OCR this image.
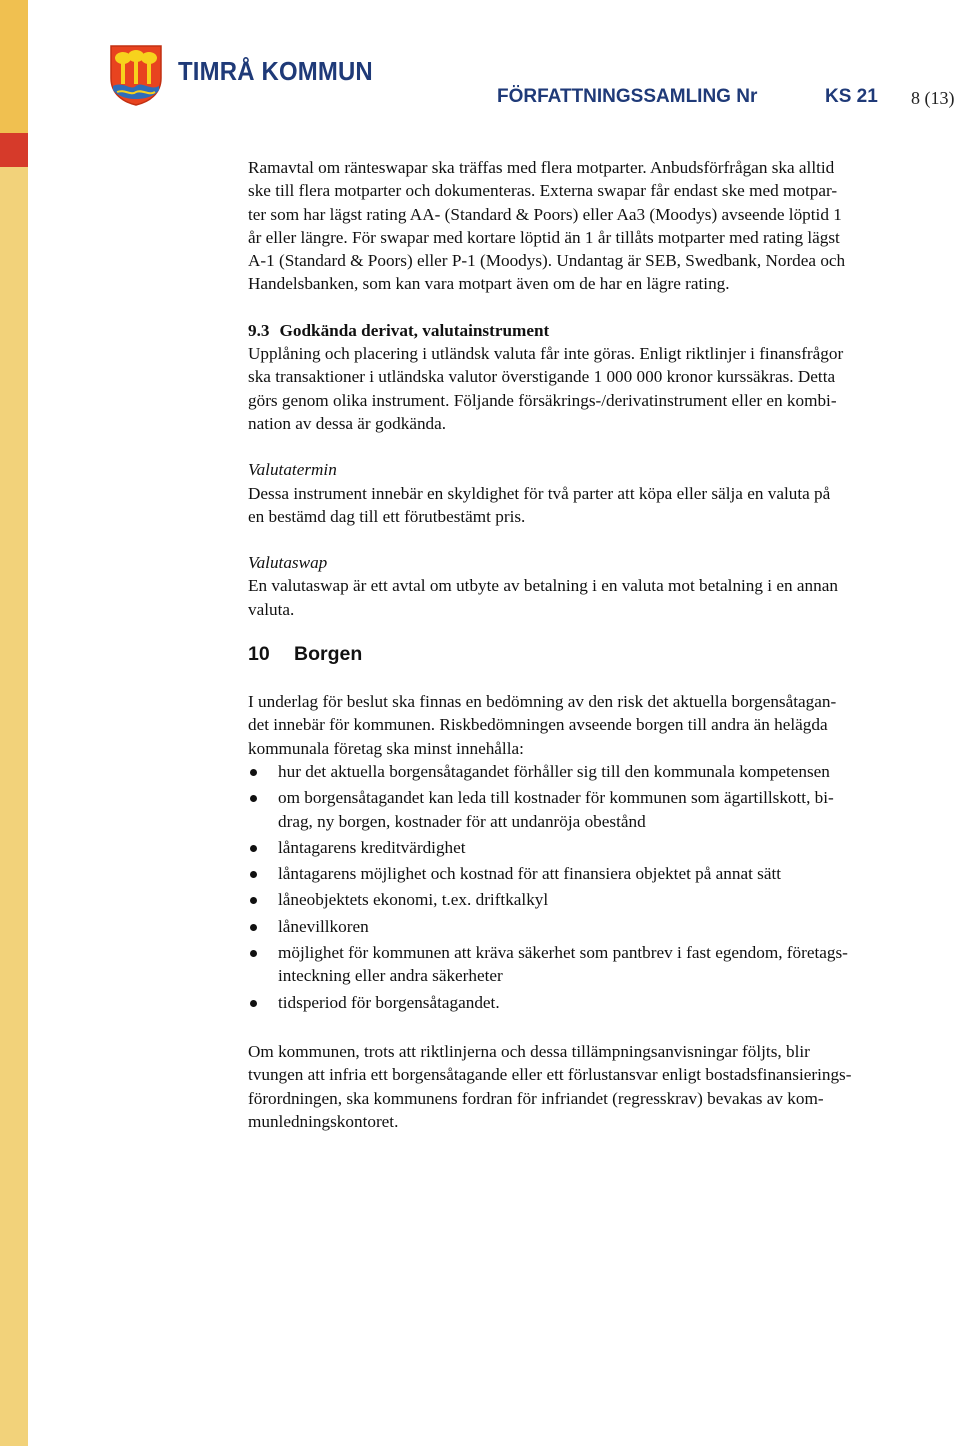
TIMRÅ KOMMUN
FÖRFATTNINGSSAMLING Nr	KS 21 8 (13)

Ramavtal om ränteswapar ska träffas med flera motparter. Anbudsförfrågan ska alltid
ske till flera motparter och dokumenteras. Externa swapar får endast ske med motpar-
ter som har lägst rating AA- (Standard & Poors) eller Aa3 (Moodys) avseende löptid 1
år eller längre. För swapar med kortare löptid än 1 år tillåts motparter med rating lägst
A-1 (Standard & Poors) eller P-1 (Moodys). Undantag är SEB, Swedbank, Nordea och
Handelsbanken, som kan vara motpart även om de har en lägre rating.

9.3 Godkända derivat, valutainstrument

Upplåning och placering i utländsk valuta får inte göras. Enligt riktlinjer i finansfrågor
ska transaktioner i utländska valutor överstigande 1 000 000 kronor kurssäkras. Detta
görs genom olika instrument. Följande försäkrings-/derivatinstrument eller en kombi-
nation av dessa är godkända.

Valutatermin

Dessa instrument innebär en skyldighet för två parter att köpa eller sälja en valuta på
en bestämd dag till ett förutbestämt pris.

Valutaswap

En valutaswap är ett avtal om utbyte av betalning i en valuta mot betalning i en annan
valuta.

10 Borgen

I underlag för beslut ska finnas en bedömning av den risk det aktuella borgensåtagan-
det innebär för kommunen. Riskbedömningen avseende borgen till andra än helägda
kommunala företag ska minst innehålla:

hur det aktuella borgensåtagandet förhåller sig till den kommunala kompetensen
om borgensåtagandet kan leda till kostnader för kommunen som ägartillskott, bi-
drag, ny borgen, kostnader för att undanröja obestånd
låntagarens kreditvärdighet
låntagarens möjlighet och kostnad för att finansiera objektet på annat sätt
låneobjektets ekonomi, t.ex. driftkalkyl
lånevillkoren
möjlighet för kommunen att kräva säkerhet som pantbrev i fast egendom, företags-
inteckning eller andra säkerheter
tidsperiod för borgensåtagandet.

Om kommunen, trots att riktlinjerna och dessa tillämpningsanvisningar följts, blir
tvungen att infria ett borgensåtagande eller ett förlustansvar enligt bostadsfinansierings-
förordningen, ska kommunens fordran för infriandet (regresskrav) bevakas av kom-
munledningskontoret.
